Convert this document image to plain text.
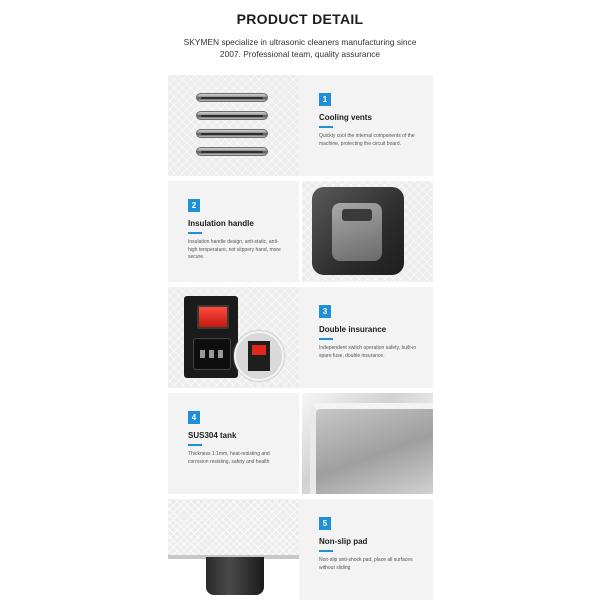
PRODUCT DETAIL
SKYMEN specialize in ultrasonic cleaners manufacturing since
2007. Professional team, quality assurance
1
Cooling vents
Quickly cool the internal components of the machine, protecting the circuit board.
2
Insulation handle
Insulation handle design, anti-static, anti-high temperature, not slippery hand, more secure.
3
Double insurance
Independent switch operation safety, built-in spare fuse, double insurance.
4
SUS304 tank
Thickness 1.1mm, heat-resisting and corrosion resisting, safety and health
5
Non-slip pad
Non-slip anti-shock pad, place all surfaces without sliding
